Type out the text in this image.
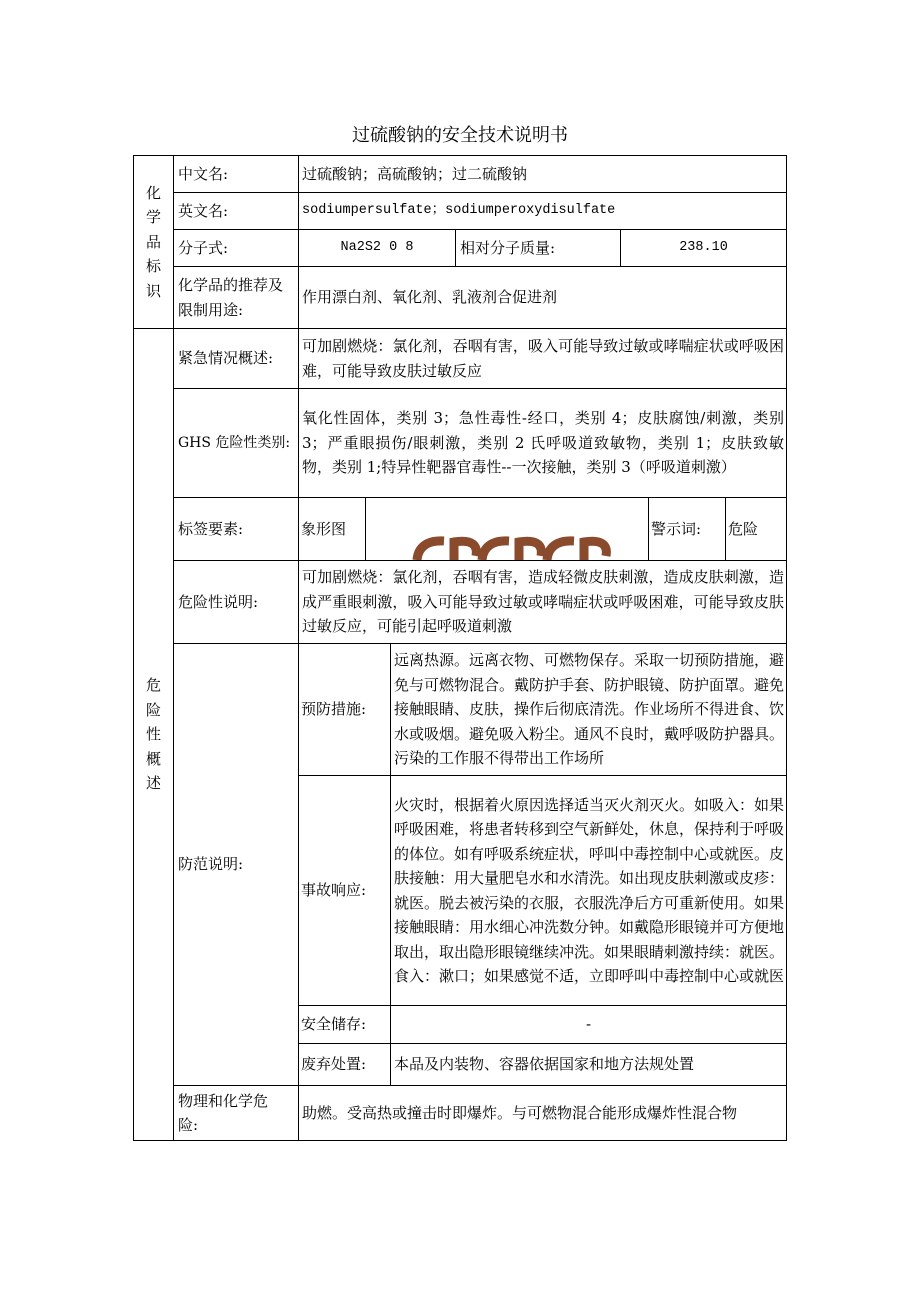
过硫酸钠的安全技术说明书
化学品标识
中文名:	过硫酸钠；高硫酸钠；过二硫酸钠
英文名:	sodiumpersulfate；sodiumperoxydisulfate
分子式:	Na2S2 0 8	相对分子质量:	238.10
化学品的推荐及限制用途:
作用漂白剂、氧化剂、乳液剂合促进剂
危险性概述
紧急情况概述:
可加剧燃烧：氯化剂，吞咽有害，吸入可能导致过敏或哮喘症状或呼吸困难，可能导致皮肤过敏反应
GHS 危险性类别:
氧化性固体，类别 3；急性毒性-经口，类别 4；皮肤腐蚀/刺激，类别 3；严重眼损伤/眼刺激，类别 2 氏呼吸道致敏物，类别 1；皮肤致敏物，类别 1;特异性靶器官毒性--一次接触，类别 3（呼吸道刺激）
标签要素:	象形图	警示词:	危险
危险性说明:
可加剧燃烧：氯化剂，吞咽有害，造成轻微皮肤刺激，造成皮肤刺激，造成严重眼刺激，吸入可能导致过敏或哮喘症状或呼吸困难，可能导致皮肤过敏反应，可能引起呼吸道刺激
防范说明:
预防措施:
远离热源。远离衣物、可燃物保存。采取一切预防措施，避免与可燃物混合。戴防护手套、防护眼镜、防护面罩。避免接触眼睛、皮肤，操作后彻底清洗。作业场所不得进食、饮水或吸烟。避免吸入粉尘。通风不良时，戴呼吸防护器具。污染的工作服不得带出工作场所
事故响应:
火灾时，根据着火原因选择适当灭火剂灭火。如吸入：如果呼吸困难，将患者转移到空气新鲜处，休息，保持利于呼吸的体位。如有呼吸系统症状，呼叫中毒控制中心或就医。皮肤接触：用大量肥皂水和水清洗。如出现皮肤刺激或皮疹：就医。脱去被污染的衣服，衣服洗净后方可重新使用。如果接触眼睛：用水细心冲洗数分钟。如戴隐形眼镜并可方便地取出，取出隐形眼镜继续冲洗。如果眼睛刺激持续：就医。食入：漱口；如果感觉不适，立即呼叫中毒控制中心或就医
安全储存:	-
废弃处置:	本品及内装物、容器依据国家和地方法规处置
物理和化学危险:
助燃。受高热或撞击时即爆炸。与可燃物混合能形成爆炸性混合物
